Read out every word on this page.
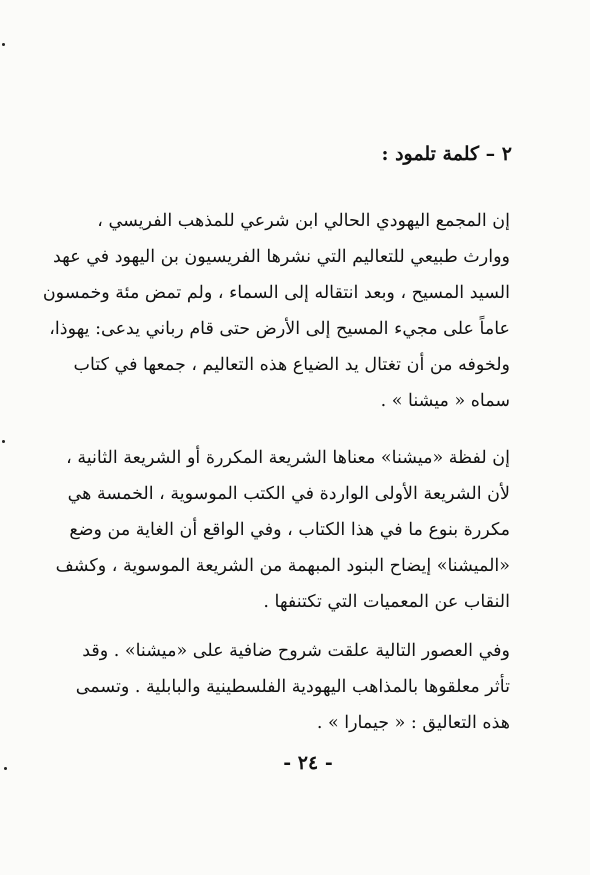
٢ – كلمة تلمود :
إن المجمع اليهودي الحالي ابن شرعي للمذهب الفريسي ،
ووارث طبيعي للتعاليم التي نشرها الفريسيون بن اليهود في عهد
السيد المسيح ، وبعد انتقاله إلى السماء ، ولم تمض مئة وخمسون
عاماً على مجيء المسيح إلى الأرض حتى قام رباني يدعى: يهوذا،
ولخوفه من أن تغتال يد الضياع هذه التعاليم ، جمعها في كتاب
سماه « ميشنا » .
إن لفظة «ميشنا» معناها الشريعة المكررة أو الشريعة الثانية ،
لأن الشريعة الأولى الواردة في الكتب الموسوية ، الخمسة هي
مكررة بنوع ما في هذا الكتاب ، وفي الواقع أن الغاية من وضع
«الميشنا» إيضاح البنود المبهمة من الشريعة الموسوية ، وكشف
النقاب عن المعميات التي تكتنفها .
وفي العصور التالية علقت شروح ضافية على «ميشنا» . وقد
تأثر معلقوها بالمذاهب اليهودية الفلسطينية والبابلية . وتسمى
هذه التعاليق : « جيمارا » .
- ٢٤ -
